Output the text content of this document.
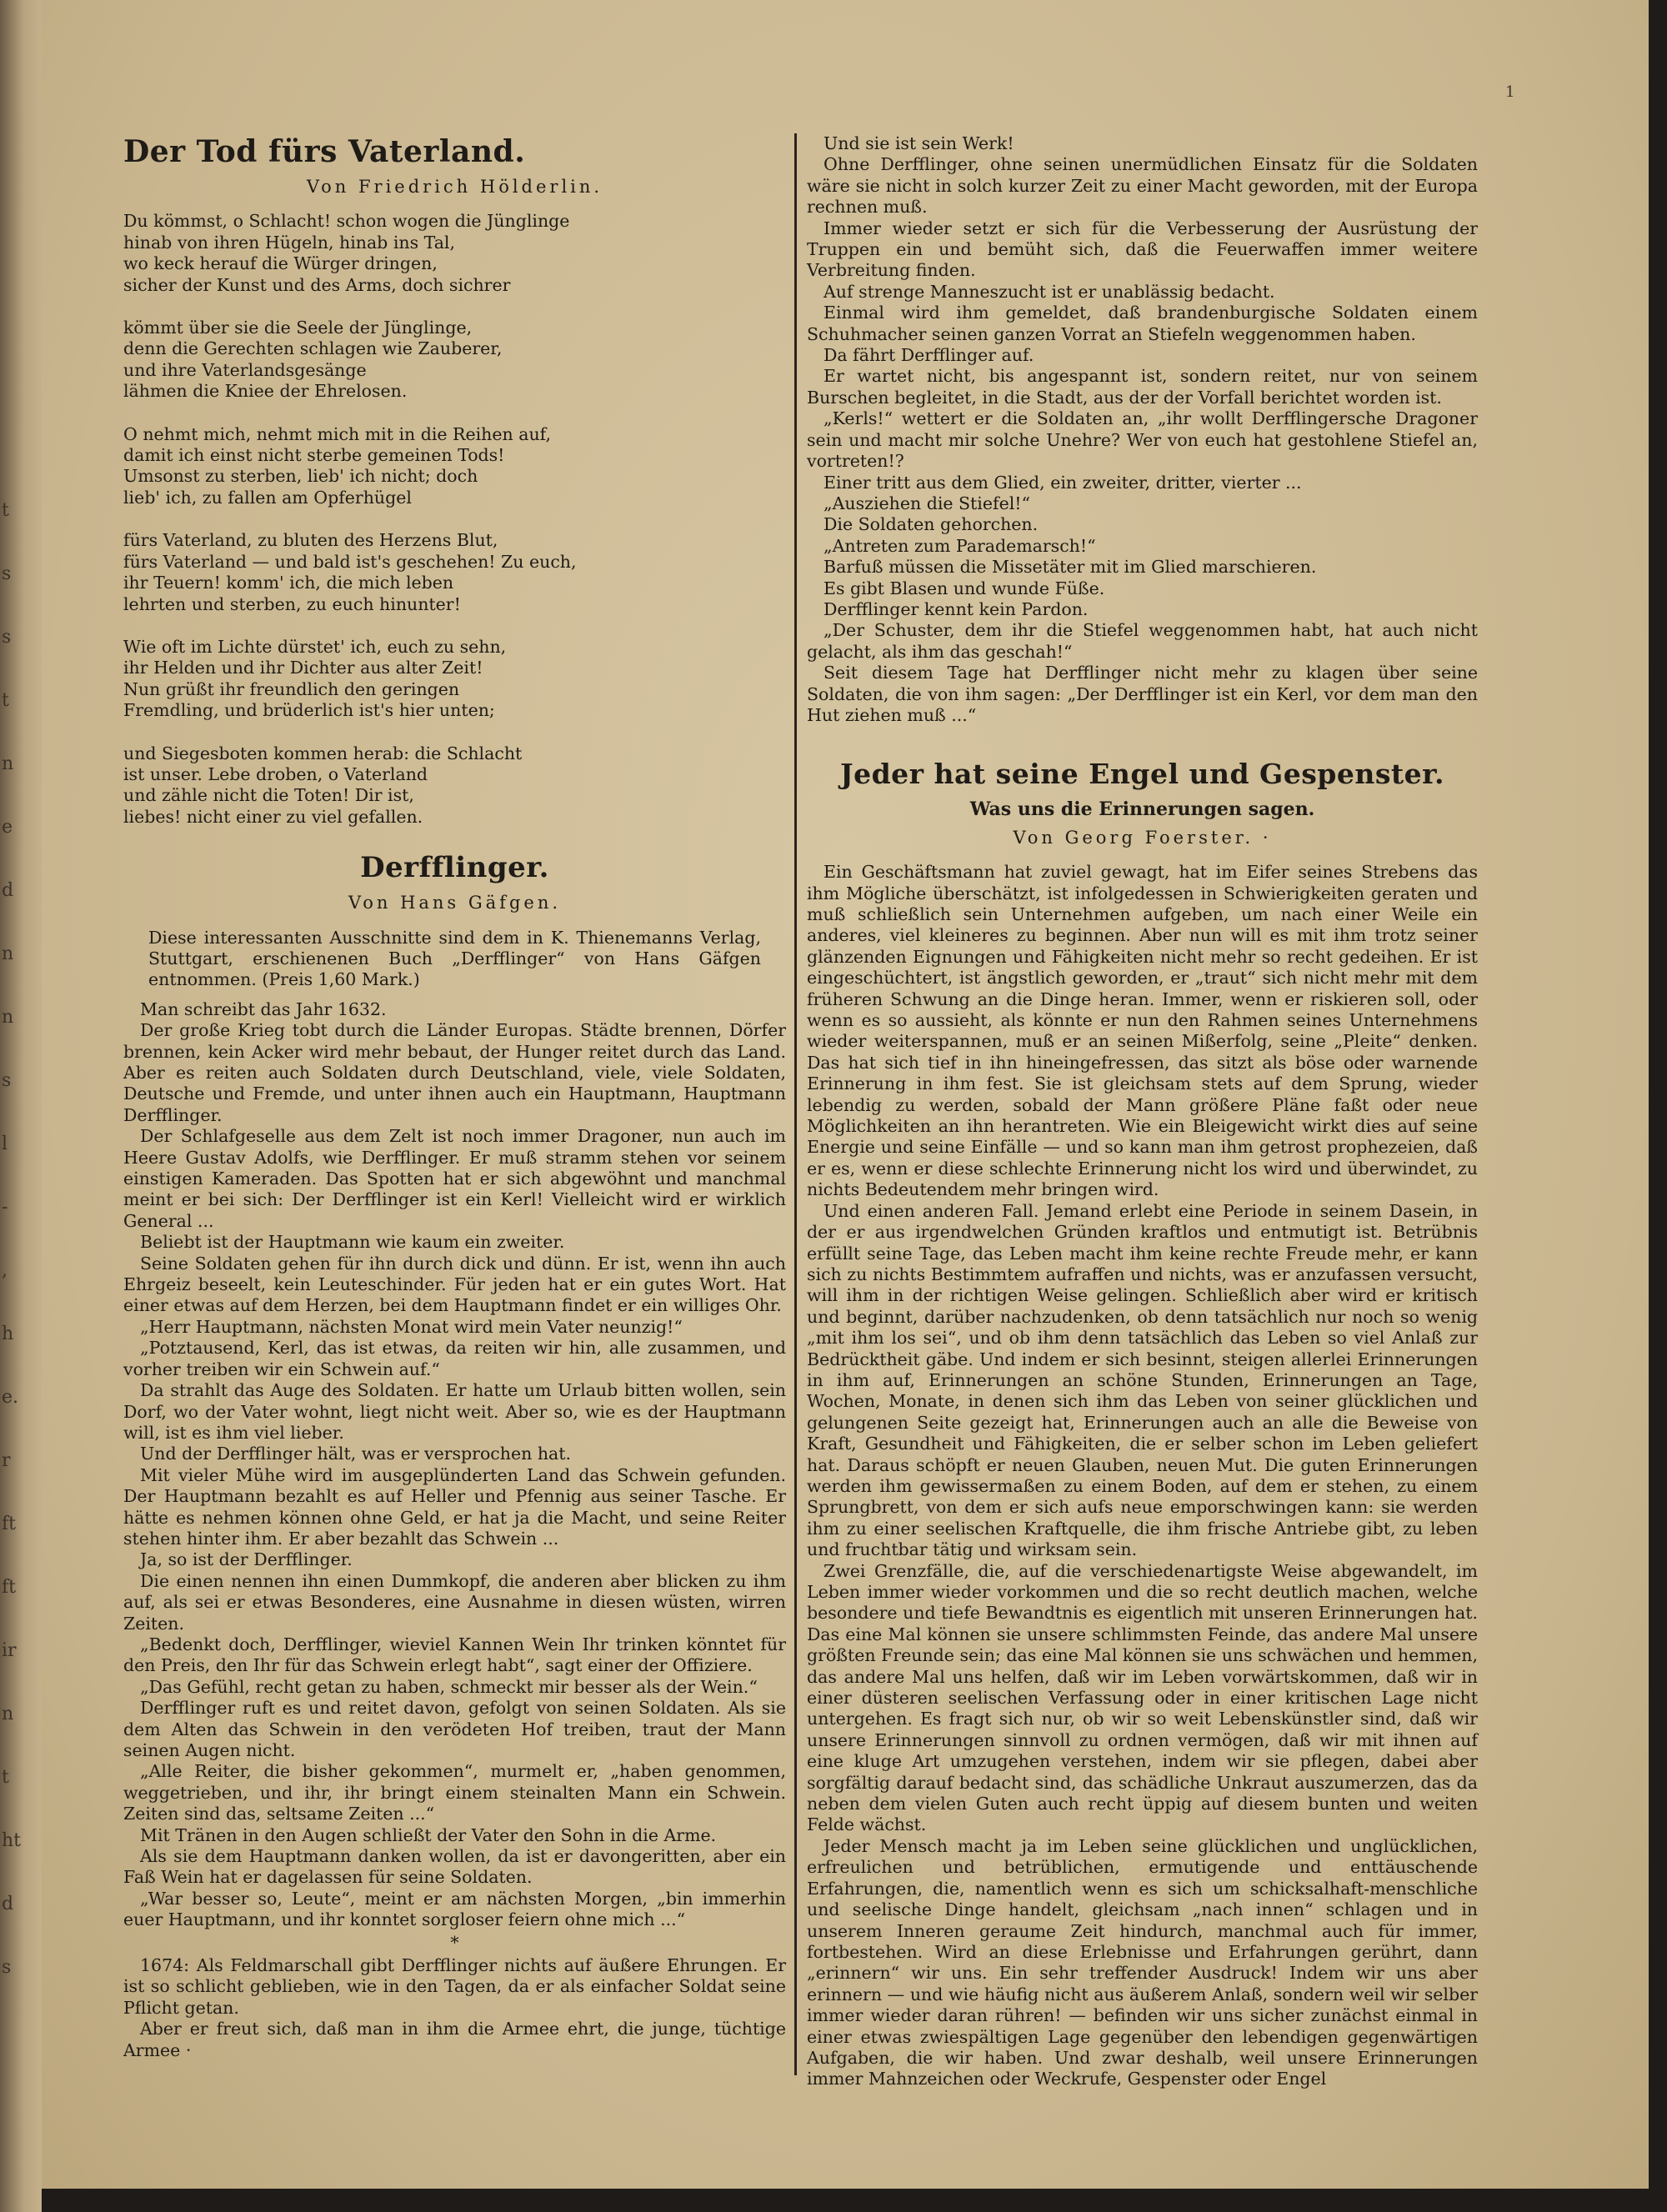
t
s
s
t
n
e
d
n
n
s
l
-
,
h
e.
r
ft
ft
ir
n
t
ht
d
s
1
Der Tod fürs Vaterland.
Von Friedrich Hölderlin.
Du kömmst, o Schlacht! schon wogen die Jünglinge
hinab von ihren Hügeln, hinab ins Tal,
wo keck herauf die Würger dringen,
sicher der Kunst und des Arms, doch sichrer
kömmt über sie die Seele der Jünglinge,
denn die Gerechten schlagen wie Zauberer,
und ihre Vaterlandsgesänge
lähmen die Kniee der Ehrelosen.
O nehmt mich, nehmt mich mit in die Reihen auf,
damit ich einst nicht sterbe gemeinen Tods!
Umsonst zu sterben, lieb' ich nicht; doch
lieb' ich, zu fallen am Opferhügel
fürs Vaterland, zu bluten des Herzens Blut,
fürs Vaterland — und bald ist's geschehen! Zu euch,
ihr Teuern! komm' ich, die mich leben
lehrten und sterben, zu euch hinunter!
Wie oft im Lichte dürstet' ich, euch zu sehn,
ihr Helden und ihr Dichter aus alter Zeit!
Nun grüßt ihr freundlich den geringen
Fremdling, und brüderlich ist's hier unten;
und Siegesboten kommen herab: die Schlacht
ist unser. Lebe droben, o Vaterland
und zähle nicht die Toten! Dir ist,
liebes! nicht einer zu viel gefallen.
Derfflinger.
Von Hans Gäfgen.
Diese interessanten Ausschnitte sind dem in K. Thienemanns Verlag, Stuttgart, erschienenen Buch „Derfflinger“ von Hans Gäfgen entnommen. (Preis 1,60 Mark.)

Man schreibt das Jahr 1632.

Der große Krieg tobt durch die Länder Europas. Städte brennen, Dörfer brennen, kein Acker wird mehr bebaut, der Hunger reitet durch das Land. Aber es reiten auch Soldaten durch Deutschland, viele, viele Soldaten, Deutsche und Fremde, und unter ihnen auch ein Hauptmann, Hauptmann Derfflinger.

Der Schlafgeselle aus dem Zelt ist noch immer Dragoner, nun auch im Heere Gustav Adolfs, wie Derfflinger. Er muß stramm stehen vor seinem einstigen Kameraden. Das Spotten hat er sich abgewöhnt und manchmal meint er bei sich: Der Derfflinger ist ein Kerl! Vielleicht wird er wirklich General ...

Beliebt ist der Hauptmann wie kaum ein zweiter.

Seine Soldaten gehen für ihn durch dick und dünn. Er ist, wenn ihn auch Ehrgeiz beseelt, kein Leuteschinder. Für jeden hat er ein gutes Wort. Hat einer etwas auf dem Herzen, bei dem Hauptmann findet er ein williges Ohr.

„Herr Hauptmann, nächsten Monat wird mein Vater neunzig!“

„Potztausend, Kerl, das ist etwas, da reiten wir hin, alle zusammen, und vorher treiben wir ein Schwein auf.“

Da strahlt das Auge des Soldaten. Er hatte um Urlaub bitten wollen, sein Dorf, wo der Vater wohnt, liegt nicht weit. Aber so, wie es der Hauptmann will, ist es ihm viel lieber.

Und der Derfflinger hält, was er versprochen hat.

Mit vieler Mühe wird im ausgeplünderten Land das Schwein gefunden. Der Hauptmann bezahlt es auf Heller und Pfennig aus seiner Tasche. Er hätte es nehmen können ohne Geld, er hat ja die Macht, und seine Reiter stehen hinter ihm. Er aber bezahlt das Schwein ...

Ja, so ist der Derfflinger.

Die einen nennen ihn einen Dummkopf, die anderen aber blicken zu ihm auf, als sei er etwas Besonderes, eine Ausnahme in diesen wüsten, wirren Zeiten.

„Bedenkt doch, Derfflinger, wieviel Kannen Wein Ihr trinken könntet für den Preis, den Ihr für das Schwein erlegt habt“, sagt einer der Offiziere.

„Das Gefühl, recht getan zu haben, schmeckt mir besser als der Wein.“

Derfflinger ruft es und reitet davon, gefolgt von seinen Soldaten. Als sie dem Alten das Schwein in den verödeten Hof treiben, traut der Mann seinen Augen nicht.

„Alle Reiter, die bisher gekommen“, murmelt er, „haben genommen, weggetrieben, und ihr, ihr bringt einem steinalten Mann ein Schwein. Zeiten sind das, seltsame Zeiten ...“

Mit Tränen in den Augen schließt der Vater den Sohn in die Arme.

Als sie dem Hauptmann danken wollen, da ist er davongeritten, aber ein Faß Wein hat er dagelassen für seine Soldaten.

„War besser so, Leute“, meint er am nächsten Morgen, „bin immerhin euer Hauptmann, und ihr konntet sorgloser feiern ohne mich ...“

*

1674: Als Feldmarschall gibt Derfflinger nichts auf äußere Ehrungen. Er ist so schlicht geblieben, wie in den Tagen, da er als einfacher Soldat seine Pflicht getan.

Aber er freut sich, daß man in ihm die Armee ehrt, die junge, tüchtige Armee ·

Und sie ist sein Werk!

Ohne Derfflinger, ohne seinen unermüdlichen Einsatz für die Soldaten wäre sie nicht in solch kurzer Zeit zu einer Macht geworden, mit der Europa rechnen muß.

Immer wieder setzt er sich für die Verbesserung der Ausrüstung der Truppen ein und bemüht sich, daß die Feuerwaffen immer weitere Verbreitung finden.

Auf strenge Manneszucht ist er unablässig bedacht.

Einmal wird ihm gemeldet, daß brandenburgische Soldaten einem Schuhmacher seinen ganzen Vorrat an Stiefeln weggenommen haben.

Da fährt Derfflinger auf.

Er wartet nicht, bis angespannt ist, sondern reitet, nur von seinem Burschen begleitet, in die Stadt, aus der der Vorfall berichtet worden ist.

„Kerls!“ wettert er die Soldaten an, „ihr wollt Derfflingersche Dragoner sein und macht mir solche Unehre? Wer von euch hat gestohlene Stiefel an, vortreten!?

Einer tritt aus dem Glied, ein zweiter, dritter, vierter ...

„Ausziehen die Stiefel!“

Die Soldaten gehorchen.

„Antreten zum Parademarsch!“

Barfuß müssen die Missetäter mit im Glied marschieren.

Es gibt Blasen und wunde Füße.

Derfflinger kennt kein Pardon.

„Der Schuster, dem ihr die Stiefel weggenommen habt, hat auch nicht gelacht, als ihm das geschah!“

Seit diesem Tage hat Derfflinger nicht mehr zu klagen über seine Soldaten, die von ihm sagen: „Der Derfflinger ist ein Kerl, vor dem man den Hut ziehen muß ...“

Jeder hat seine Engel und Gespenster.
Was uns die Erinnerungen sagen.
Von Georg Foerster. ·

Ein Geschäftsmann hat zuviel gewagt, hat im Eifer seines Strebens das ihm Mögliche überschätzt, ist infolgedessen in Schwierigkeiten geraten und muß schließlich sein Unternehmen aufgeben, um nach einer Weile ein anderes, viel kleineres zu beginnen. Aber nun will es mit ihm trotz seiner glänzenden Eignungen und Fähigkeiten nicht mehr so recht gedeihen. Er ist eingeschüchtert, ist ängstlich geworden, er „traut“ sich nicht mehr mit dem früheren Schwung an die Dinge heran. Immer, wenn er riskieren soll, oder wenn es so aussieht, als könnte er nun den Rahmen seines Unternehmens wieder weiterspannen, muß er an seinen Mißerfolg, seine „Pleite“ denken. Das hat sich tief in ihn hineingefressen, das sitzt als böse oder warnende Erinnerung in ihm fest. Sie ist gleichsam stets auf dem Sprung, wieder lebendig zu werden, sobald der Mann größere Pläne faßt oder neue Möglichkeiten an ihn herantreten. Wie ein Bleigewicht wirkt dies auf seine Energie und seine Einfälle — und so kann man ihm getrost prophezeien, daß er es, wenn er diese schlechte Erinnerung nicht los wird und überwindet, zu nichts Bedeutendem mehr bringen wird.

Und einen anderen Fall. Jemand erlebt eine Periode in seinem Dasein, in der er aus irgendwelchen Gründen kraftlos und entmutigt ist. Betrübnis erfüllt seine Tage, das Leben macht ihm keine rechte Freude mehr, er kann sich zu nichts Bestimmtem aufraffen und nichts, was er anzufassen versucht, will ihm in der richtigen Weise gelingen. Schließlich aber wird er kritisch und beginnt, darüber nachzudenken, ob denn tatsächlich nur noch so wenig „mit ihm los sei“, und ob ihm denn tatsächlich das Leben so viel Anlaß zur Bedrücktheit gäbe. Und indem er sich besinnt, steigen allerlei Erinnerungen in ihm auf, Erinnerungen an schöne Stunden, Erinnerungen an Tage, Wochen, Monate, in denen sich ihm das Leben von seiner glücklichen und gelungenen Seite gezeigt hat, Erinnerungen auch an alle die Beweise von Kraft, Gesundheit und Fähigkeiten, die er selber schon im Leben geliefert hat. Daraus schöpft er neuen Glauben, neuen Mut. Die guten Erinnerungen werden ihm gewissermaßen zu einem Boden, auf dem er stehen, zu einem Sprungbrett, von dem er sich aufs neue emporschwingen kann: sie werden ihm zu einer seelischen Kraftquelle, die ihm frische Antriebe gibt, zu leben und fruchtbar tätig und wirksam sein.

Zwei Grenzfälle, die, auf die verschiedenartigste Weise abgewandelt, im Leben immer wieder vorkommen und die so recht deutlich machen, welche besondere und tiefe Bewandtnis es eigentlich mit unseren Erinnerungen hat. Das eine Mal können sie unsere schlimmsten Feinde, das andere Mal unsere größten Freunde sein; das eine Mal können sie uns schwächen und hemmen, das andere Mal uns helfen, daß wir im Leben vorwärtskommen, daß wir in einer düsteren seelischen Verfassung oder in einer kritischen Lage nicht untergehen. Es fragt sich nur, ob wir so weit Lebenskünstler sind, daß wir unsere Erinnerungen sinnvoll zu ordnen vermögen, daß wir mit ihnen auf eine kluge Art umzugehen verstehen, indem wir sie pflegen, dabei aber sorgfältig darauf bedacht sind, das schädliche Unkraut auszumerzen, das da neben dem vielen Guten auch recht üppig auf diesem bunten und weiten Felde wächst.

Jeder Mensch macht ja im Leben seine glücklichen und unglücklichen, erfreulichen und betrüblichen, ermutigende und enttäuschende Erfahrungen, die, namentlich wenn es sich um schicksalhaft-menschliche und seelische Dinge handelt, gleichsam „nach innen“ schlagen und in unserem Inneren geraume Zeit hindurch, manchmal auch für immer, fortbestehen. Wird an diese Erlebnisse und Erfahrungen gerührt, dann „erinnern“ wir uns. Ein sehr treffender Ausdruck! Indem wir uns aber erinnern — und wie häufig nicht aus äußerem Anlaß, sondern weil wir selber immer wieder daran rühren! — befinden wir uns sicher zunächst einmal in einer etwas zwiespältigen Lage gegenüber den lebendigen gegenwärtigen Aufgaben, die wir haben. Und zwar deshalb, weil unsere Erinnerungen immer Mahnzeichen oder Weckrufe, Gespenster oder Engel
